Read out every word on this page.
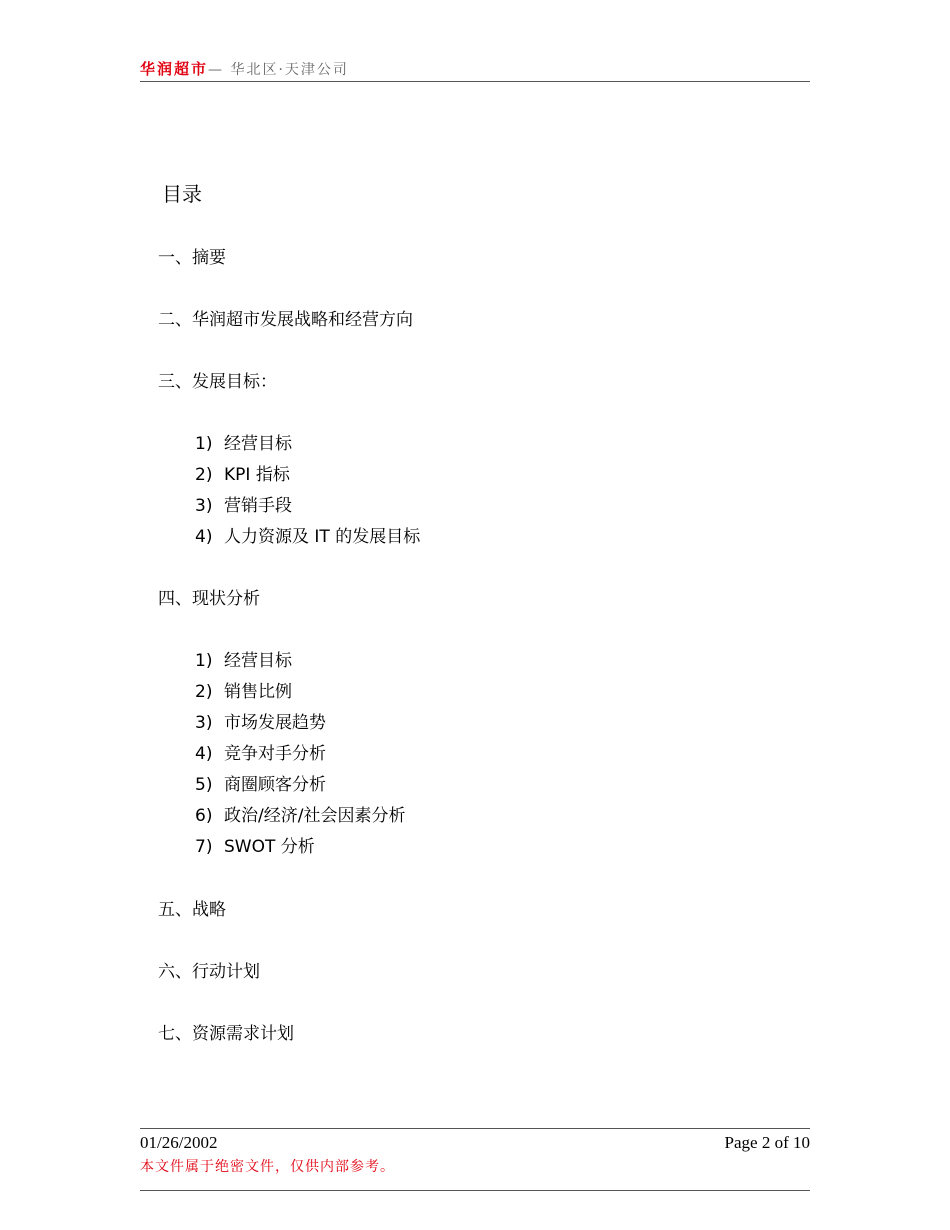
华润超市— 华北区·天津公司
目录
一、摘要
二、华润超市发展战略和经营方向
三、发展目标：
1) 经营目标
2) KPI 指标
3) 营销手段
4) 人力资源及 IT 的发展目标
四、现状分析
1) 经营目标
2) 销售比例
3) 市场发展趋势
4) 竞争对手分析
5) 商圈顾客分析
6) 政治/经济/社会因素分析
7) SWOT 分析
五、战略
六、行动计划
七、资源需求计划
01/26/2002	Page 2 of 10
本文件属于绝密文件，仅供内部参考。
